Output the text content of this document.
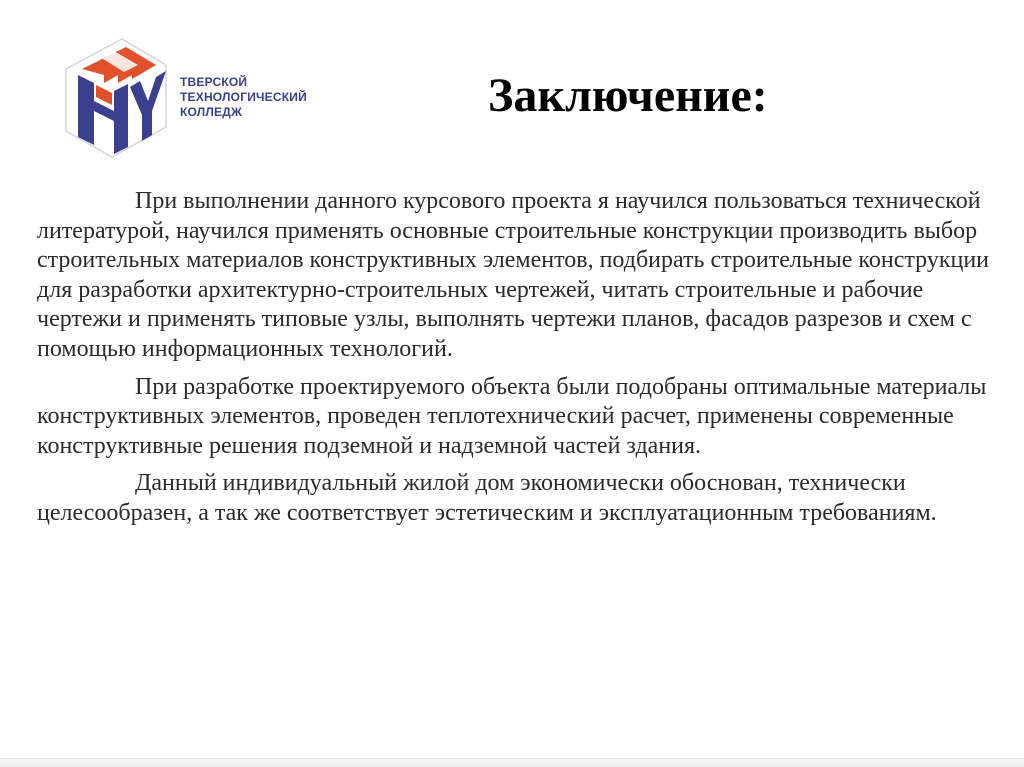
ТВЕРСКОЙ
ТЕХНОЛОГИЧЕСКИЙ
КОЛЛЕДЖ	Заключение:

При выполнении данного курсового проекта я научился пользоваться технической литературой, научился применять основные строительные конструкции производить выбор строительных материалов конструктивных элементов, подбирать строительные конструкции для разработки архитектурно-строительных чертежей, читать строительные и рабочие чертежи и применять типовые узлы, выполнять чертежи планов, фасадов разрезов и схем с помощью информационных технологий.

При разработке проектируемого объекта были подобраны оптимальные материалы конструктивных элементов, проведен теплотехнический расчет, применены современные конструктивные решения подземной и надземной частей здания.

Данный индивидуальный жилой дом экономически обоснован, технически целесообразен, а так же соответствует эстетическим и эксплуатационным требованиям.
